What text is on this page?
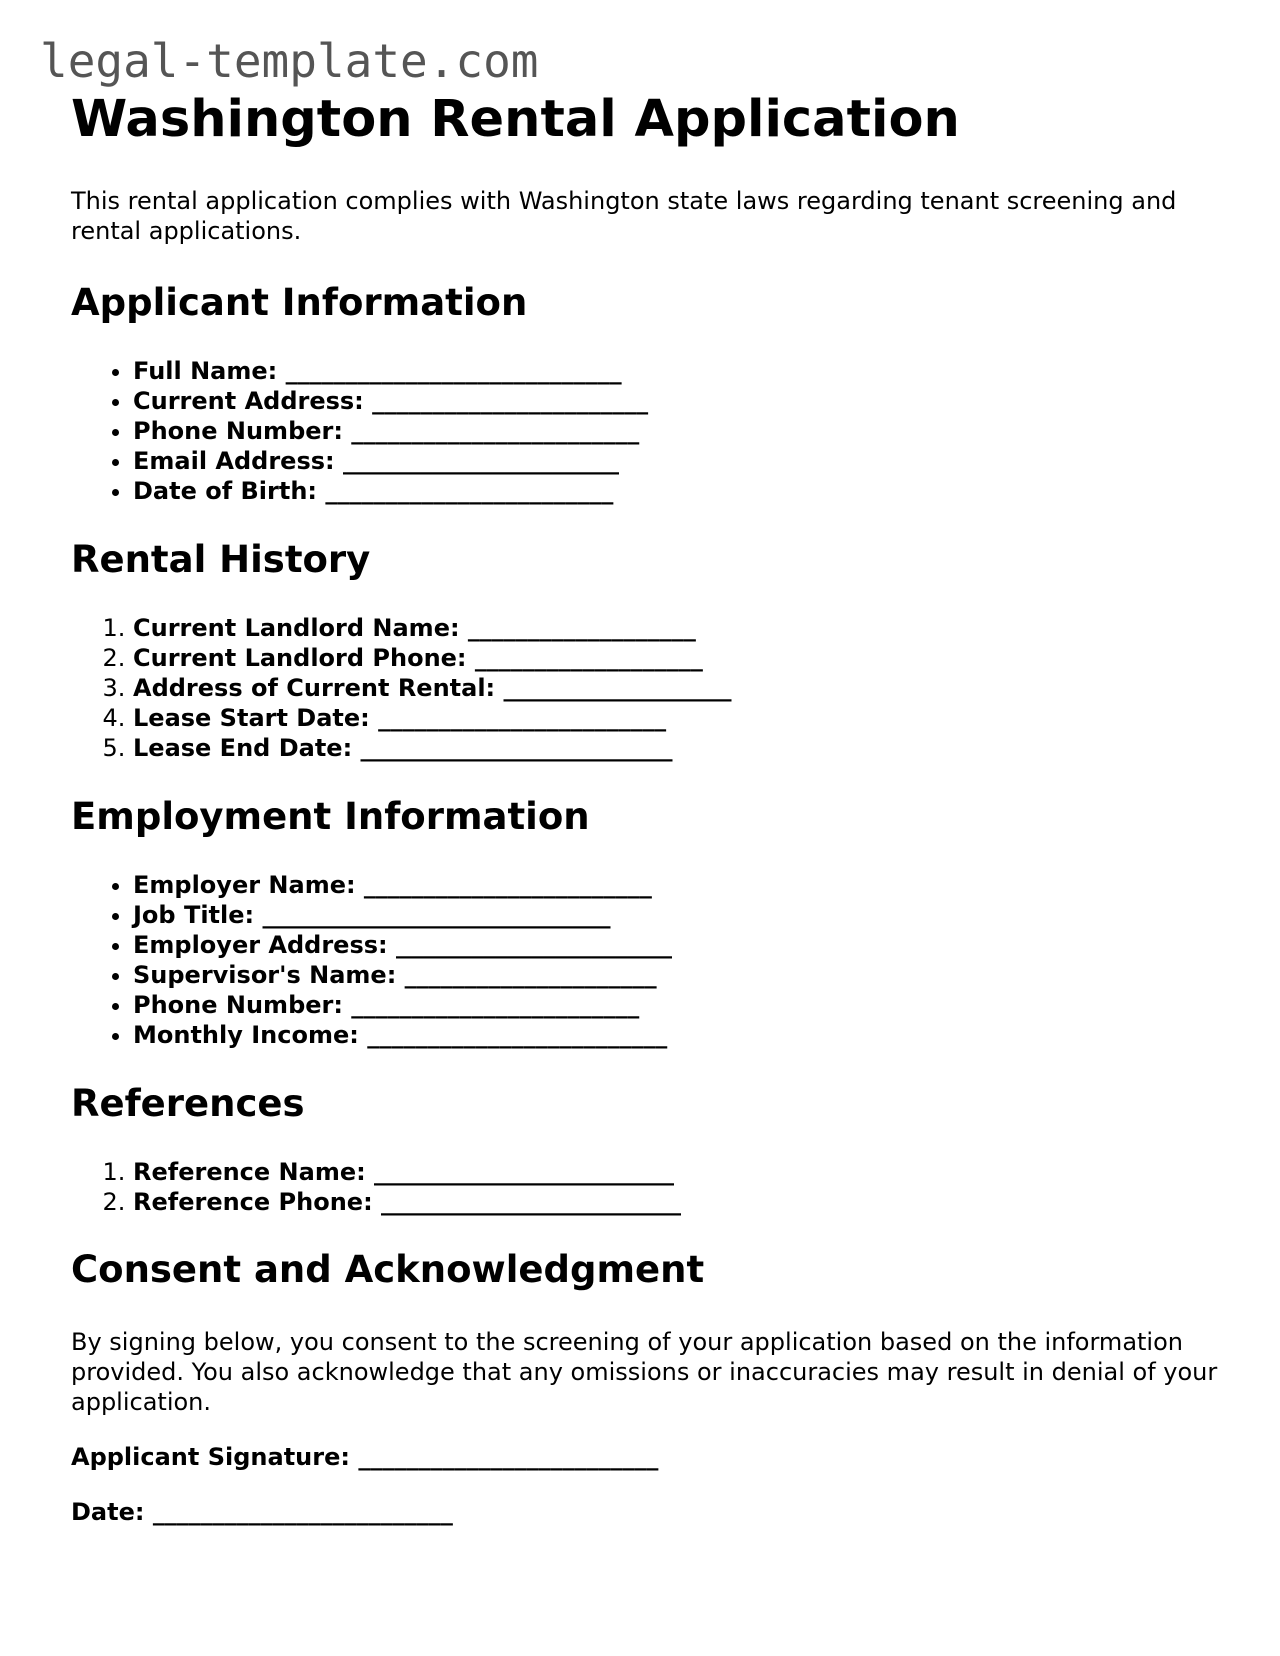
legal-template.com
Washington Rental Application

This rental application complies with Washington state laws regarding tenant screening and rental applications.

Applicant Information
• Full Name: ____________________________
• Current Address: _______________________
• Phone Number: ________________________
• Email Address: _______________________
• Date of Birth: ________________________
Rental History
1. Current Landlord Name: ___________________
2. Current Landlord Phone: ___________________
3. Address of Current Rental: ___________________
4. Lease Start Date: ________________________
5. Lease End Date: __________________________
Employment Information
• Employer Name: ________________________
• Job Title: _____________________________
• Employer Address: _______________________
• Supervisor's Name: _____________________
• Phone Number: ________________________
• Monthly Income: _________________________
References
1. Reference Name: _________________________
2. Reference Phone: _________________________
Consent and Acknowledgment

By signing below, you consent to the screening of your application based on the information provided. You also acknowledge that any omissions or inaccuracies may result in denial of your application.

Applicant Signature: _________________________

Date: _________________________
